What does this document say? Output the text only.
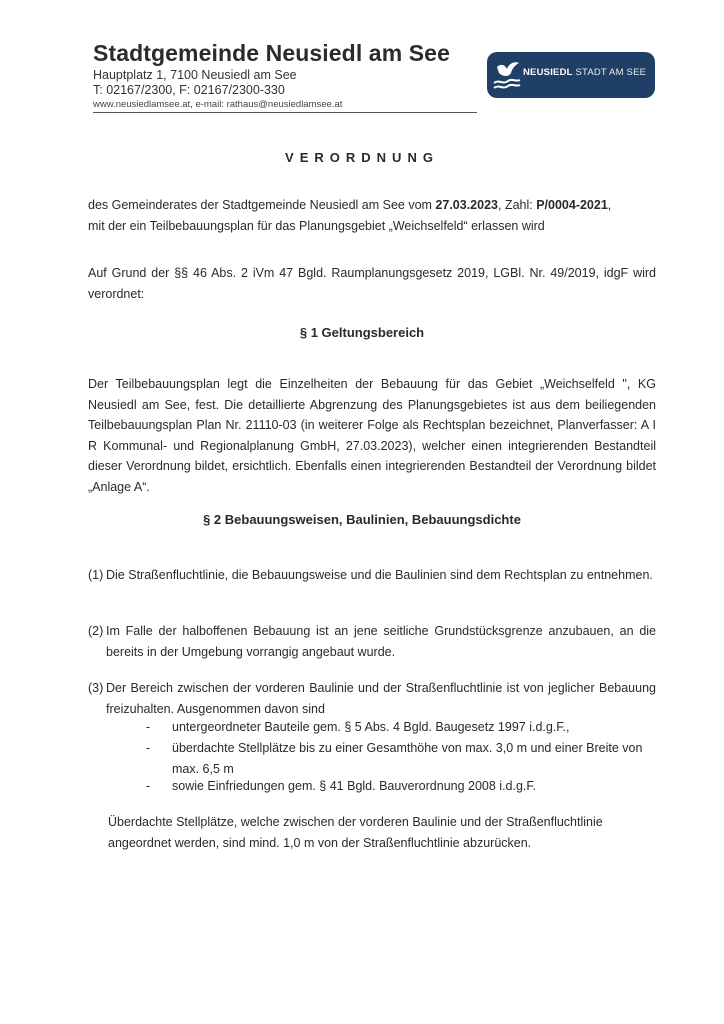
Stadtgemeinde Neusiedl am See
Hauptplatz 1, 7100 Neusiedl am See
T: 02167/2300, F: 02167/2300-330
www.neusiedlamsee.at, e-mail: rathaus@neusiedlamsee.at
NEUSIEDL STADT AM SEE
VERORDNUNG
des Gemeinderates der Stadtgemeinde Neusiedl am See vom 27.03.2023, Zahl: P/0004-2021,
mit der ein Teilbebauungsplan für das Planungsgebiet „Weichselfeld“ erlassen wird
Auf Grund der §§ 46 Abs. 2 iVm 47 Bgld. Raumplanungsgesetz 2019, LGBl. Nr. 49/2019, idgF wird verordnet:
§ 1 Geltungsbereich
Der Teilbebauungsplan legt die Einzelheiten der Bebauung für das Gebiet „Weichselfeld ", KG Neusiedl am See, fest. Die detaillierte Abgrenzung des Planungsgebietes ist aus dem beiliegenden Teilbebauungsplan Plan Nr. 21110-03 (in weiterer Folge als Rechtsplan bezeichnet, Planverfasser: A I R Kommunal- und Regionalplanung GmbH, 27.03.2023), welcher einen integrierenden Bestandteil dieser Verordnung bildet, ersichtlich. Ebenfalls einen integrierenden Bestandteil der Verordnung bildet „Anlage A“.
§ 2 Bebauungsweisen, Baulinien, Bebauungsdichte
(1) Die Straßenfluchtlinie, die Bebauungsweise und die Baulinien sind dem Rechtsplan zu entnehmen.
(2) Im Falle der halboffenen Bebauung ist an jene seitliche Grundstücksgrenze anzubauen, an die bereits in der Umgebung vorrangig angebaut wurde.
(3) Der Bereich zwischen der vorderen Baulinie und der Straßenfluchtlinie ist von jeglicher Bebauung freizuhalten. Ausgenommen davon sind
- untergeordneter Bauteile gem. § 5 Abs. 4 Bgld. Baugesetz 1997 i.d.g.F.,
- überdachte Stellplätze bis zu einer Gesamthöhe von max. 3,0 m und einer Breite von max. 6,5 m
- sowie Einfriedungen gem. § 41 Bgld. Bauverordnung 2008 i.d.g.F.
Überdachte Stellplätze, welche zwischen der vorderen Baulinie und der Straßenfluchtlinie angeordnet werden, sind mind. 1,0 m von der Straßenfluchtlinie abzurücken.
